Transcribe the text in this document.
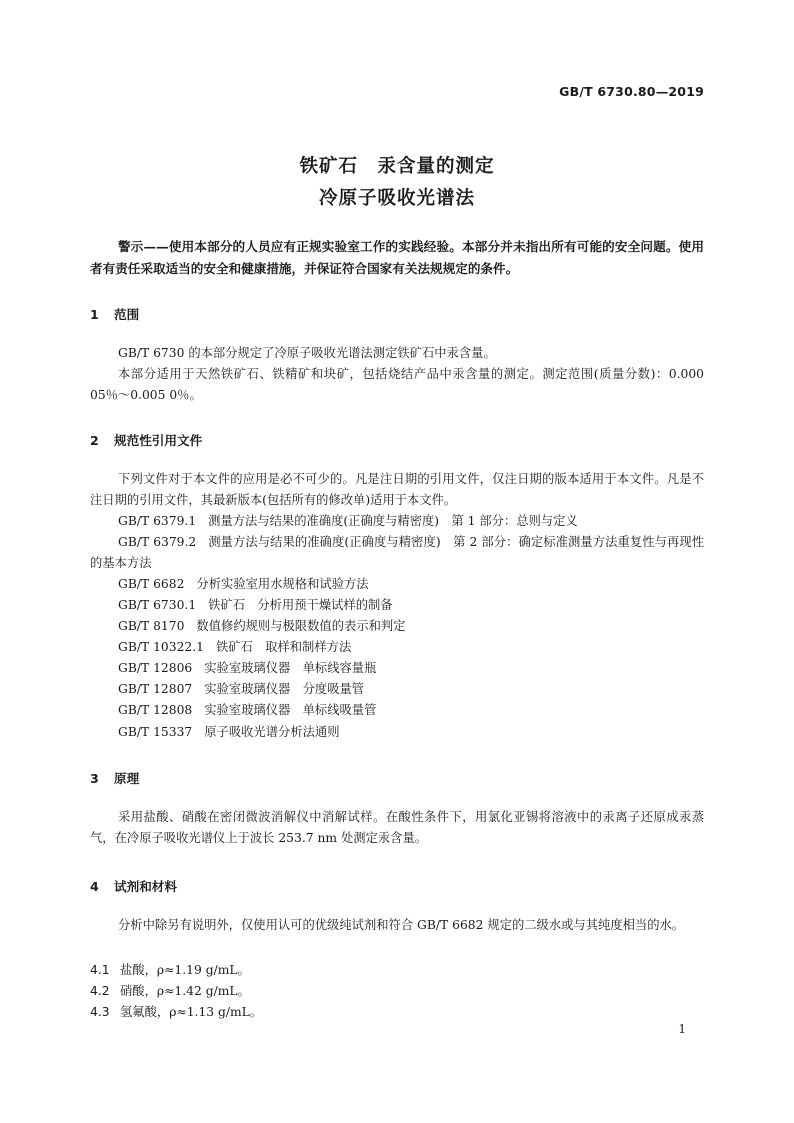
GB/T 6730.80—2019
铁矿石　汞含量的测定
冷原子吸收光谱法

警示——使用本部分的人员应有正规实验室工作的实践经验。本部分并未指出所有可能的安全问题。使用者有责任采取适当的安全和健康措施，并保证符合国家有关法规规定的条件。

1 范围

GB/T 6730 的本部分规定了冷原子吸收光谱法测定铁矿石中汞含量。

本部分适用于天然铁矿石、铁精矿和块矿，包括烧结产品中汞含量的测定。测定范围(质量分数)：0.000 05％～0.005 0％。

2 规范性引用文件

下列文件对于本文件的应用是必不可少的。凡是注日期的引用文件，仅注日期的版本适用于本文件。凡是不注日期的引用文件，其最新版本(包括所有的修改单)适用于本文件。

GB/T 6379.1 测量方法与结果的准确度(正确度与精密度)　第 1 部分：总则与定义

GB/T 6379.2 测量方法与结果的准确度(正确度与精密度)　第 2 部分：确定标准测量方法重复性与再现性的基本方法

GB/T 6682 分析实验室用水规格和试验方法

GB/T 6730.1 铁矿石　分析用预干燥试样的制备

GB/T 8170 数值修约规则与极限数值的表示和判定

GB/T 10322.1 铁矿石　取样和制样方法

GB/T 12806 实验室玻璃仪器　单标线容量瓶

GB/T 12807 实验室玻璃仪器　分度吸量管

GB/T 12808 实验室玻璃仪器　单标线吸量管

GB/T 15337 原子吸收光谱分析法通则

3 原理

采用盐酸、硝酸在密闭微波消解仪中消解试样。在酸性条件下，用氯化亚锡将溶液中的汞离子还原成汞蒸气，在冷原子吸收光谱仪上于波长 253.7 nm 处测定汞含量。

4 试剂和材料

分析中除另有说明外，仅使用认可的优级纯试剂和符合 GB/T 6682 规定的二级水或与其纯度相当的水。

4.1 盐酸，ρ≈1.19 g/mL。
4.2 硝酸，ρ≈1.42 g/mL。
4.3 氢氟酸，ρ≈1.13 g/mL。
1
